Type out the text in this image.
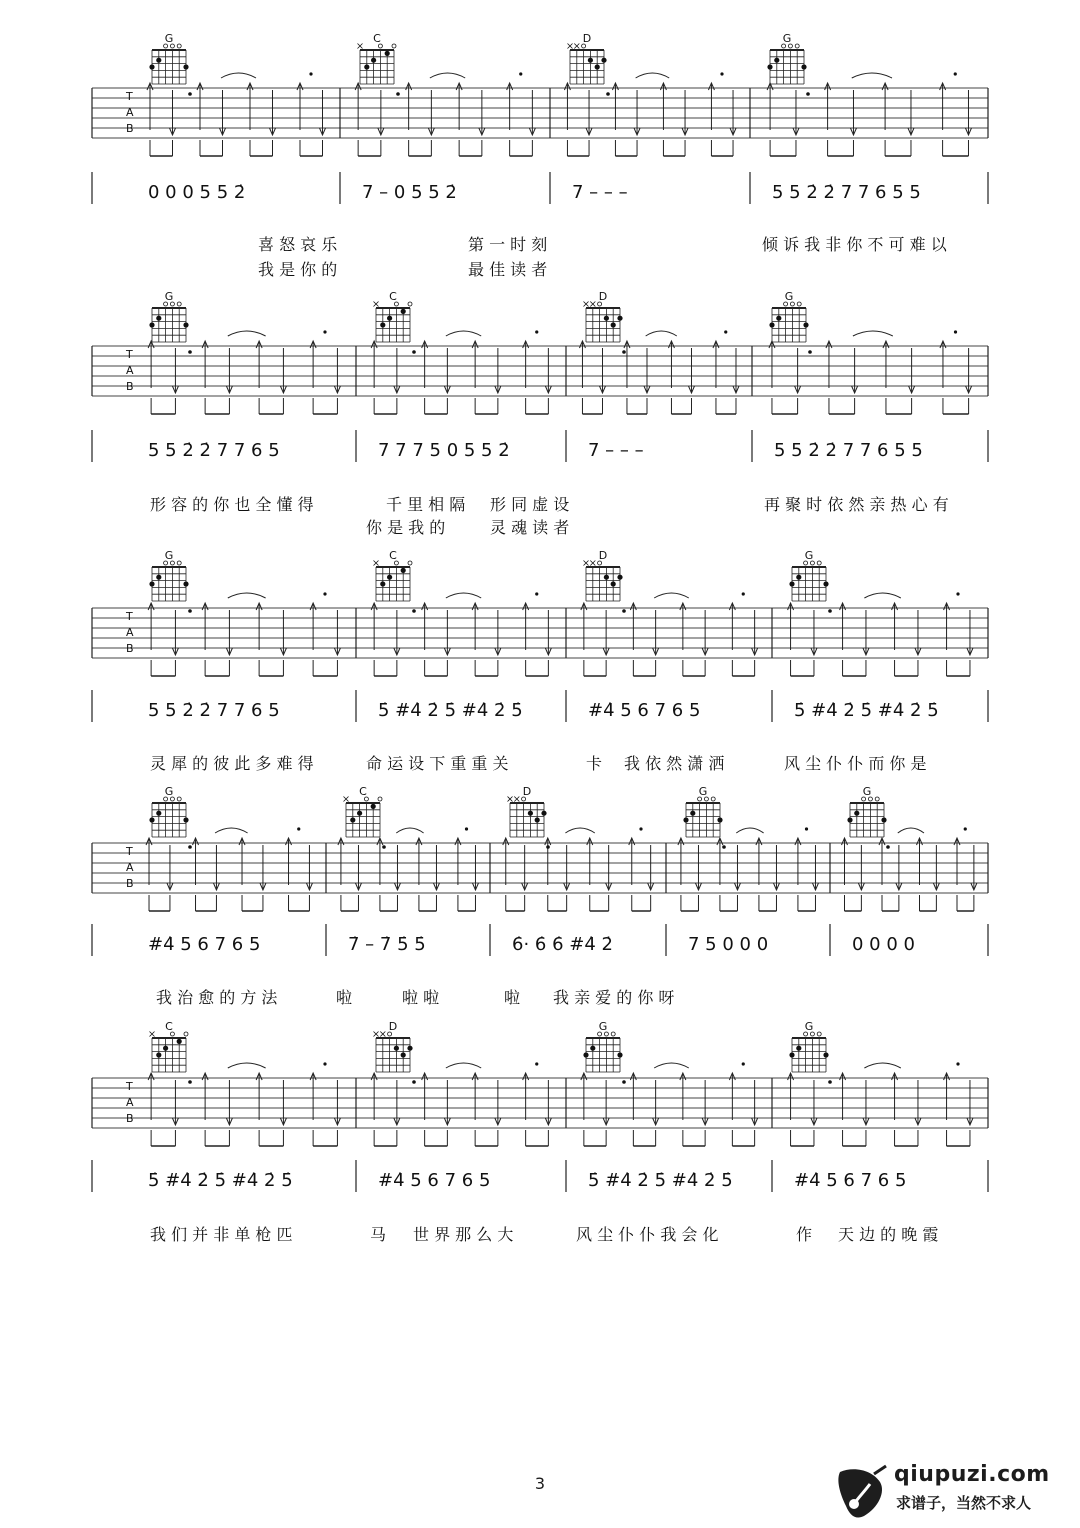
T
A
B
G	C	D	G
0 0 0 5 5 2̇	7 – 0 5 5 2̇	7 – – –	5 5 2̇ 2̇ 7 7 6 5 5
喜 怒 哀 乐	第 一 时 刻	倾 诉 我 非 你 不 可 难 以
我 是 你 的	最 佳 读 者
T
A
B
G	C	D	G
5 5 2̇ 2̇ 7 7 6 5	7 7 7 5 0 5 5 2̇	7 – – –	5 5 2̇ 2̇ 7 7 6 5 5
形 容 的 你 也 全 懂 得	千 里 相 隔 形 同 虚 设	再 聚 时 依 然 亲 热 心 有
你 是 我 的	灵 魂 读 者
T
A
B
G	C	D	G
5 5 2̇ 2̇ 7 7 6 5	5̇ #4̇ 2̇ 5̇ #4̇ 2̇ 5̇	#4̇ 5 6 7 6 5	5̇ #4̇ 2̇ 5̇ #4̇ 2̇ 5̇
灵 犀 的 彼 此 多 难 得	命 运 设 下 重 重 关	卡 我 依 然 潇 洒	风 尘 仆 仆 而 你 是
T
A
B
G	C	D	G	G
#4̇ 5 6 7 6 5	7̇ – 7̇ 5̇ 5̇	6̇· 6̇ 6̇ #4̇ 2̇	7 5 0 0 0	0 0 0 0
我 治 愈 的 方 法	啦	啦 啦	啦 我 亲 爱 的 你 呀
T
A
B
C	D	G	G
5̇ #4̇ 2̇ 5̇ #4̇ 2̇ 5̇	#4̇ 5 6 7 6 5	5̇ #4̇ 2̇ 5̇ #4̇ 2̇ 5̇	#4̇ 5 6 7 6 5
我 们 并 非 单 枪 匹	马 世 界 那 么 大	风 尘 仆 仆 我 会 化	作 天 边 的 晚 霞
3	qiupuzi.com
求谱子，当然不求人
